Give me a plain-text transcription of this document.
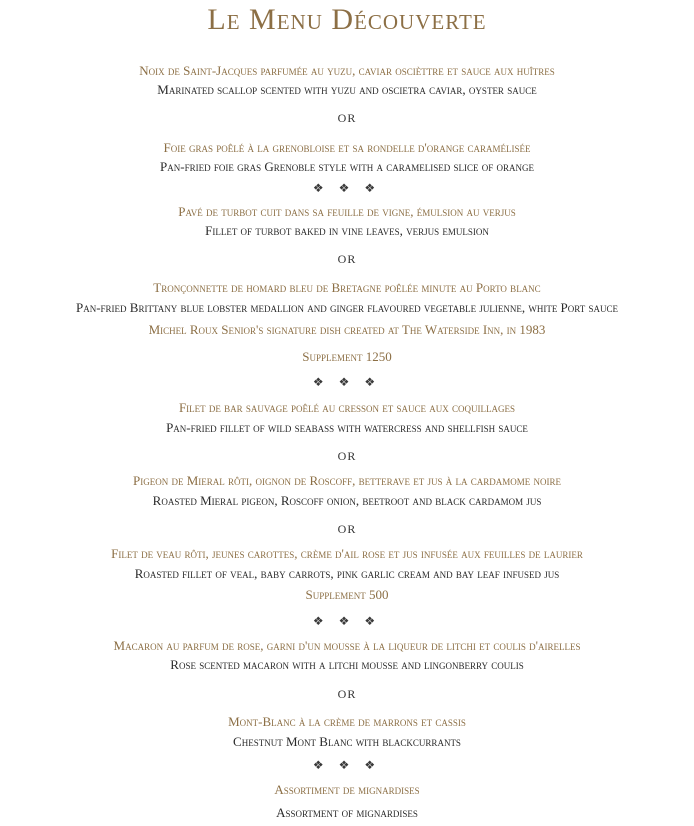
Le Menu Découverte
Noix de Saint-Jacques parfumée au yuzu, caviar oscièttre et sauce aux huîtres
Marinated scallop scented with yuzu and oscietra caviar, oyster sauce
OR
Foie gras poêlé à la grenobloise et sa rondelle d'orange caramélisée
Pan-fried foie gras Grenoble style with a caramelised slice of orange
❖ ❖ ❖
Pavé de turbot cuit dans sa feuille de vigne, émulsion au verjus
Fillet of turbot baked in vine leaves, verjus emulsion
OR
Tronçonnette de homard bleu de Bretagne poêlée minute au Porto blanc
Pan-fried Brittany blue lobster medallion and ginger flavoured vegetable julienne, white Port sauce
Michel Roux Senior's signature dish created at The Waterside Inn, in 1983
Supplement 1250
❖ ❖ ❖
Filet de bar sauvage poêlé au cresson et sauce aux coquillages
Pan-fried fillet of wild seabass with watercress and shellfish sauce
OR
Pigeon de Mieral rôti, oignon de Roscoff, betterave et jus à la cardamome noire
Roasted Mieral pigeon, Roscoff onion, beetroot and black cardamom jus
OR
Filet de veau rôti, jeunes carottes, crème d'ail rose et jus infusée aux feuilles de laurier
Roasted fillet of veal, baby carrots, pink garlic cream and bay leaf infused jus
Supplement 500
❖ ❖ ❖
Macaron au parfum de rose, garni d'un mousse à la liqueur de litchi et coulis d'airelles
Rose scented macaron with a litchi mousse and lingonberry coulis
OR
Mont-Blanc à la crème de marrons et cassis
Chestnut Mont Blanc with blackcurrants
❖ ❖ ❖
Assortiment de mignardises
Assortment of mignardises
